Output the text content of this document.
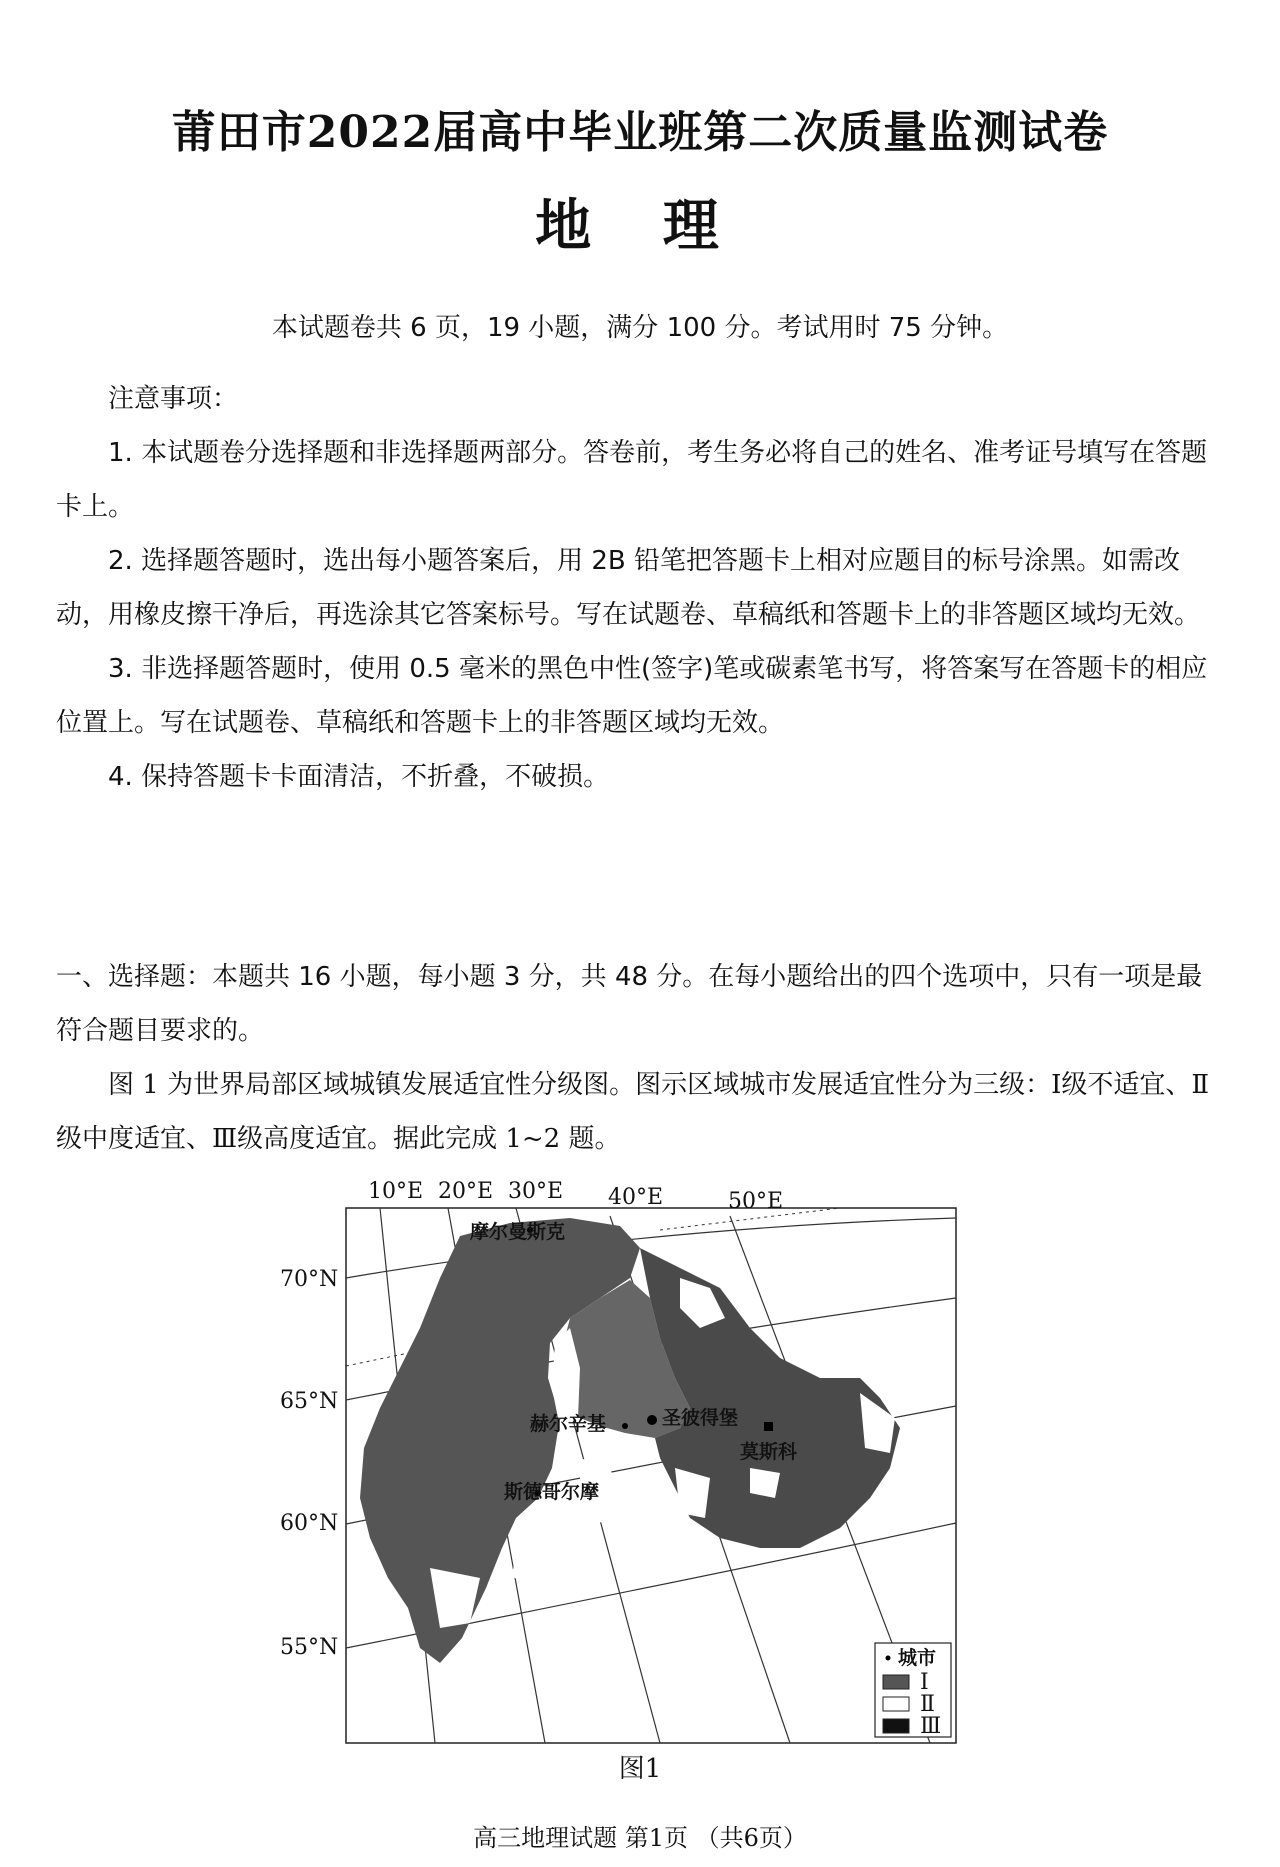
莆田市2022届高中毕业班第二次质量监测试卷
地 理
本试题卷共 6 页，19 小题，满分 100 分。考试用时 75 分钟。

注意事项：

1. 本试题卷分选择题和非选择题两部分。答卷前，考生务必将自己的姓名、准考证号填写在答题卡上。

2. 选择题答题时，选出每小题答案后，用 2B 铅笔把答题卡上相对应题目的标号涂黑。如需改动，用橡皮擦干净后，再选涂其它答案标号。写在试题卷、草稿纸和答题卡上的非答题区域均无效。

3. 非选择题答题时，使用 0.5 毫米的黑色中性(签字)笔或碳素笔书写，将答案写在答题卡的相应位置上。写在试题卷、草稿纸和答题卡上的非答题区域均无效。

4. 保持答题卡卡面清洁，不折叠，不破损。

一、选择题：本题共 16 小题，每小题 3 分，共 48 分。在每小题给出的四个选项中，只有一项是最符合题目要求的。

图 1 为世界局部区域城镇发展适宜性分级图。图示区域城市发展适宜性分为三级：Ⅰ级不适宜、Ⅱ级中度适宜、Ⅲ级高度适宜。据此完成 1~2 题。

10°E 20°E 30°E 40°E	50°E
70°N
65°N
60°N
55°N
摩尔曼斯克
赫尔辛基	圣彼得堡
莫斯科
斯德哥尔摩
城市
Ⅰ
Ⅱ
Ⅲ
图1
高三地理试题 第1页 （共6页）
